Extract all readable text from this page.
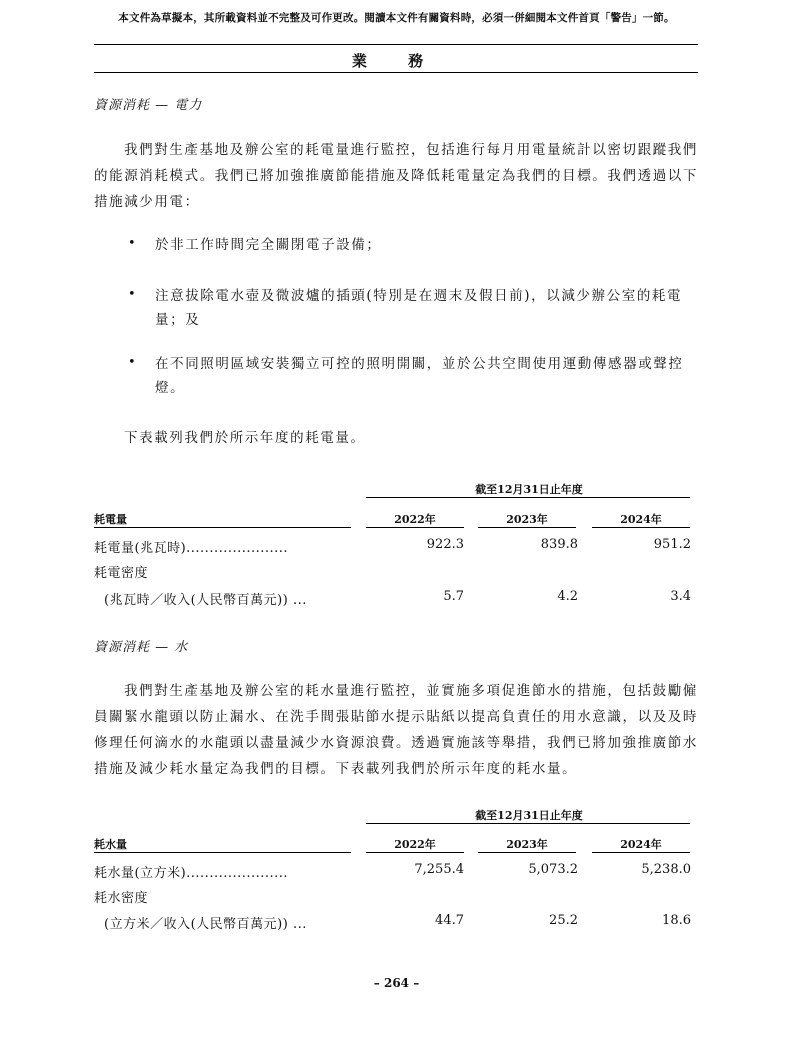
本文件為草擬本，其所載資料並不完整及可作更改。閱讀本文件有關資料時，必須一併細閱本文件首頁「警告」一節。
業 務
資源消耗 — 電力

我們對生產基地及辦公室的耗電量進行監控，包括進行每月用電量統計以密切跟蹤我們的能源消耗模式。我們已將加強推廣節能措施及降低耗電量定為我們的目標。我們透過以下措施減少用電：

• 於非工作時間完全關閉電子設備；
• 注意拔除電水壺及微波爐的插頭(特別是在週末及假日前)，以減少辦公室的耗電量；及
• 在不同照明區域安裝獨立可控的照明開關，並於公共空間使用運動傳感器或聲控燈。

下表載列我們於所示年度的耗電量。

截至12月31日止年度
耗電量	2022年	2023年	2024年
耗電量(兆瓦時)......................	922.3	839.8	951.2
耗電密度
(兆瓦時／收入(人民幣百萬元)) ...	5.7	4.2	3.4
資源消耗 — 水

我們對生產基地及辦公室的耗水量進行監控，並實施多項促進節水的措施，包括鼓勵僱員關緊水龍頭以防止漏水、在洗手間張貼節水提示貼紙以提高負責任的用水意識，以及及時修理任何滴水的水龍頭以盡量減少水資源浪費。透過實施該等舉措，我們已將加強推廣節水措施及減少耗水量定為我們的目標。下表載列我們於所示年度的耗水量。

截至12月31日止年度
耗水量	2022年	2023年	2024年
耗水量(立方米)......................	7,255.4	5,073.2	5,238.0
耗水密度
(立方米／收入(人民幣百萬元)) ...	44.7	25.2	18.6
– 264 –
